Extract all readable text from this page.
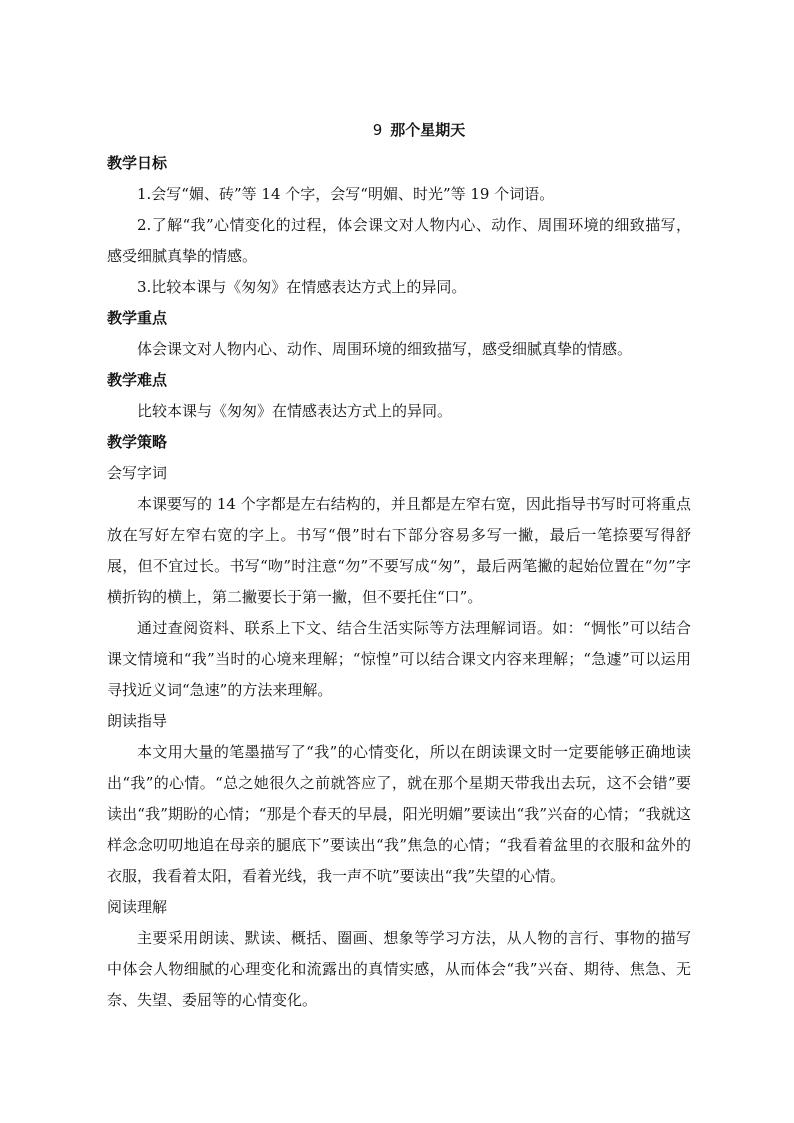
9 那个星期天

教学日标

1.会写“媚、砖”等 14 个字，会写“明媚、时光”等 19 个词语。

2.了解“我”心情变化的过程，体会课文对人物内心、动作、周围环境的细致描写，感受细腻真挚的情感。

3.比较本课与《匆匆》在情感表达方式上的异同。

教学重点

体会课文对人物内心、动作、周围环境的细致描写，感受细腻真挚的情感。

教学难点

比较本课与《匆匆》在情感表达方式上的异同。

教学策略

会写字词

本课要写的 14 个字都是左右结构的，并且都是左窄右宽，因此指导书写时可将重点放在写好左窄右宽的字上。书写“偎”时右下部分容易多写一撇，最后一笔捺要写得舒展，但不宜过长。书写“吻”时注意“勿”不要写成“匆”，最后两笔撇的起始位置在“勿”字横折钩的横上，第二撇要长于第一撇，但不要托住“口”。

通过查阅资料、联系上下文、结合生活实际等方法理解词语。如：“惆怅”可以结合课文情境和“我”当时的心境来理解；“惊惶”可以结合课文内容来理解；“急遽”可以运用寻找近义词“急速”的方法来理解。

朗读指导

本文用大量的笔墨描写了“我”的心情变化，所以在朗读课文时一定要能够正确地读出“我”的心情。“总之她很久之前就答应了，就在那个星期天带我出去玩，这不会错”要读出“我”期盼的心情；“那是个春天的早晨，阳光明媚”要读出“我”兴奋的心情；“我就这样念念叨叨地追在母亲的腿底下”要读出“我”焦急的心情；“我看着盆里的衣服和盆外的衣服，我看着太阳，看着光线，我一声不吭”要读出“我”失望的心情。

阅读理解

主要采用朗读、默读、概括、圈画、想象等学习方法，从人物的言行、事物的描写中体会人物细腻的心理变化和流露出的真情实感，从而体会“我”兴奋、期待、焦急、无奈、失望、委屈等的心情变化。
